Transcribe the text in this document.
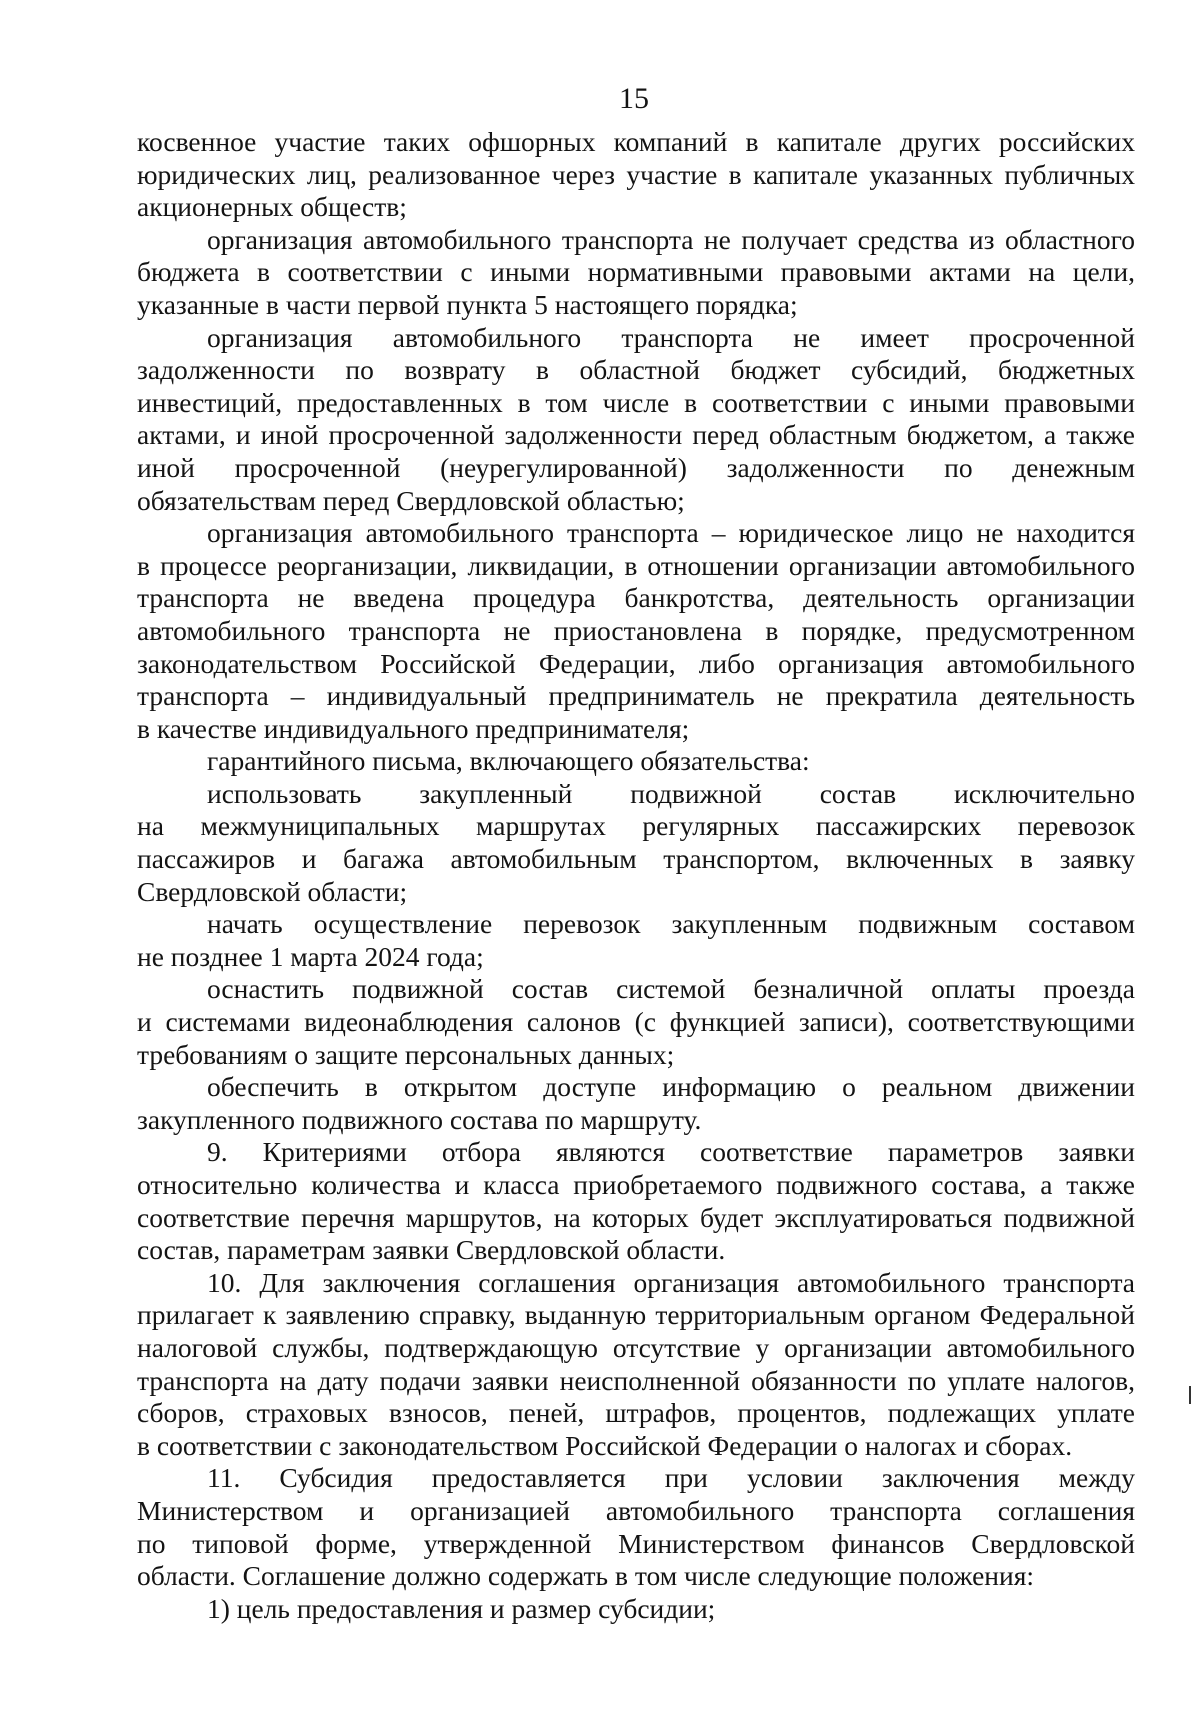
15
косвенное участие таких офшорных компаний в капитале других российских
юридических лиц, реализованное через участие в капитале указанных публичных
акционерных обществ;
организация автомобильного транспорта не получает средства из областного
бюджета в соответствии с иными нормативными правовыми актами на цели,
указанные в части первой пункта 5 настоящего порядка;
организация автомобильного транспорта не имеет просроченной
задолженности по возврату в областной бюджет субсидий, бюджетных
инвестиций, предоставленных в том числе в соответствии с иными правовыми
актами, и иной просроченной задолженности перед областным бюджетом, а также
иной просроченной (неурегулированной) задолженности по денежным
обязательствам перед Свердловской областью;
организация автомобильного транспорта – юридическое лицо не находится
в процессе реорганизации, ликвидации, в отношении организации автомобильного
транспорта не введена процедура банкротства, деятельность организации
автомобильного транспорта не приостановлена в порядке, предусмотренном
законодательством Российской Федерации, либо организация автомобильного
транспорта – индивидуальный предприниматель не прекратила деятельность
в качестве индивидуального предпринимателя;
гарантийного письма, включающего обязательства:
использовать закупленный подвижной состав исключительно
на межмуниципальных маршрутах регулярных пассажирских перевозок
пассажиров и багажа автомобильным транспортом, включенных в заявку
Свердловской области;
начать осуществление перевозок закупленным подвижным составом
не позднее 1 марта 2024 года;
оснастить подвижной состав системой безналичной оплаты проезда
и системами видеонаблюдения салонов (с функцией записи), соответствующими
требованиям о защите персональных данных;
обеспечить в открытом доступе информацию о реальном движении
закупленного подвижного состава по маршруту.
9. Критериями отбора являются соответствие параметров заявки
относительно количества и класса приобретаемого подвижного состава, а также
соответствие перечня маршрутов, на которых будет эксплуатироваться подвижной
состав, параметрам заявки Свердловской области.
10. Для заключения соглашения организация автомобильного транспорта
прилагает к заявлению справку, выданную территориальным органом Федеральной
налоговой службы, подтверждающую отсутствие у организации автомобильного
транспорта на дату подачи заявки неисполненной обязанности по уплате налогов,
сборов, страховых взносов, пеней, штрафов, процентов, подлежащих уплате
в соответствии с законодательством Российской Федерации о налогах и сборах.
11. Субсидия предоставляется при условии заключения между
Министерством и организацией автомобильного транспорта соглашения
по типовой форме, утвержденной Министерством финансов Свердловской
области. Соглашение должно содержать в том числе следующие положения:
1) цель предоставления и размер субсидии;
